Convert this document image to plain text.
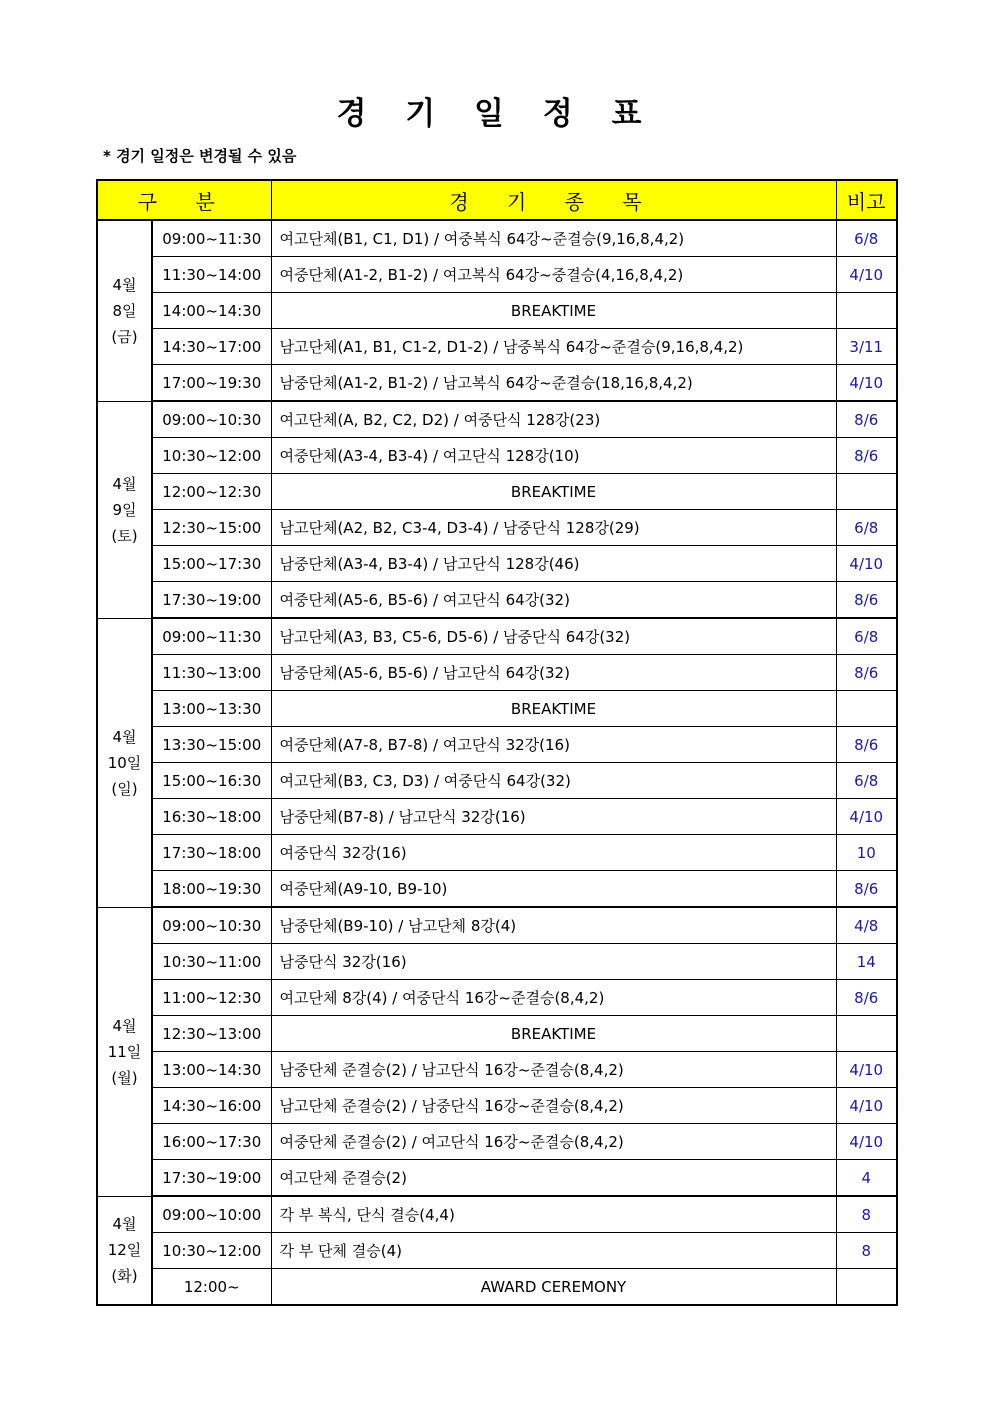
경 기 일 정 표
* 경기 일정은 변경될 수 있음
구 분		경 기 종 목	비고

4월
8일
(금)	09:00~11:30	여고단체(B1, C1, D1) / 여중복식 64강~준결승(9,16,8,4,2)	6/8
	11:30~14:00	여중단체(A1-2, B1-2) / 여고복식 64강~중결승(4,16,8,4,2)	4/10
	14:00~14:30	BREAKTIME	
	14:30~17:00	남고단체(A1, B1, C1-2, D1-2) / 남중복식 64강~준결승(9,16,8,4,2)	3/11
	17:00~19:30	남중단체(A1-2, B1-2) / 남고복식 64강~준결승(18,16,8,4,2)	4/10

4월
9일
(토)	09:00~10:30	여고단체(A, B2, C2, D2) / 여중단식 128강(23)	8/6
	10:30~12:00	여중단체(A3-4, B3-4) / 여고단식 128강(10)	8/6
	12:00~12:30	BREAKTIME	
	12:30~15:00	남고단체(A2, B2, C3-4, D3-4) / 남중단식 128강(29)	6/8
	15:00~17:30	남중단체(A3-4, B3-4) / 남고단식 128강(46)	4/10
	17:30~19:00	여중단체(A5-6, B5-6) / 여고단식 64강(32)	8/6

4월
10일
(일)	09:00~11:30	남고단체(A3, B3, C5-6, D5-6) / 남중단식 64강(32)	6/8
	11:30~13:00	남중단체(A5-6, B5-6) / 남고단식 64강(32)	8/6
	13:00~13:30	BREAKTIME	
	13:30~15:00	여중단체(A7-8, B7-8) / 여고단식 32강(16)	8/6
	15:00~16:30	여고단체(B3, C3, D3) / 여중단식 64강(32)	6/8
	16:30~18:00	남중단체(B7-8) / 남고단식 32강(16)	4/10
	17:30~18:00	여중단식 32강(16)	10
	18:00~19:30	여중단체(A9-10, B9-10)	8/6

4월
11일
(월)	09:00~10:30	남중단체(B9-10) / 남고단체 8강(4)	4/8
	10:30~11:00	남중단식 32강(16)	14
	11:00~12:30	여고단체 8강(4) / 여중단식 16강~준결승(8,4,2)	8/6
	12:30~13:00	BREAKTIME	
	13:00~14:30	남중단체 준결승(2) / 남고단식 16강~준결승(8,4,2)	4/10
	14:30~16:00	남고단체 준결승(2) / 남중단식 16강~준결승(8,4,2)	4/10
	16:00~17:30	여중단체 준결승(2) / 여고단식 16강~준결승(8,4,2)	4/10
	17:30~19:00	여고단체 준결승(2)	4

4월
12일
(화)	09:00~10:00	각 부 복식, 단식 결승(4,4)	8
	10:30~12:00	각 부 단체 결승(4)	8
	12:00~	AWARD CEREMONY	
